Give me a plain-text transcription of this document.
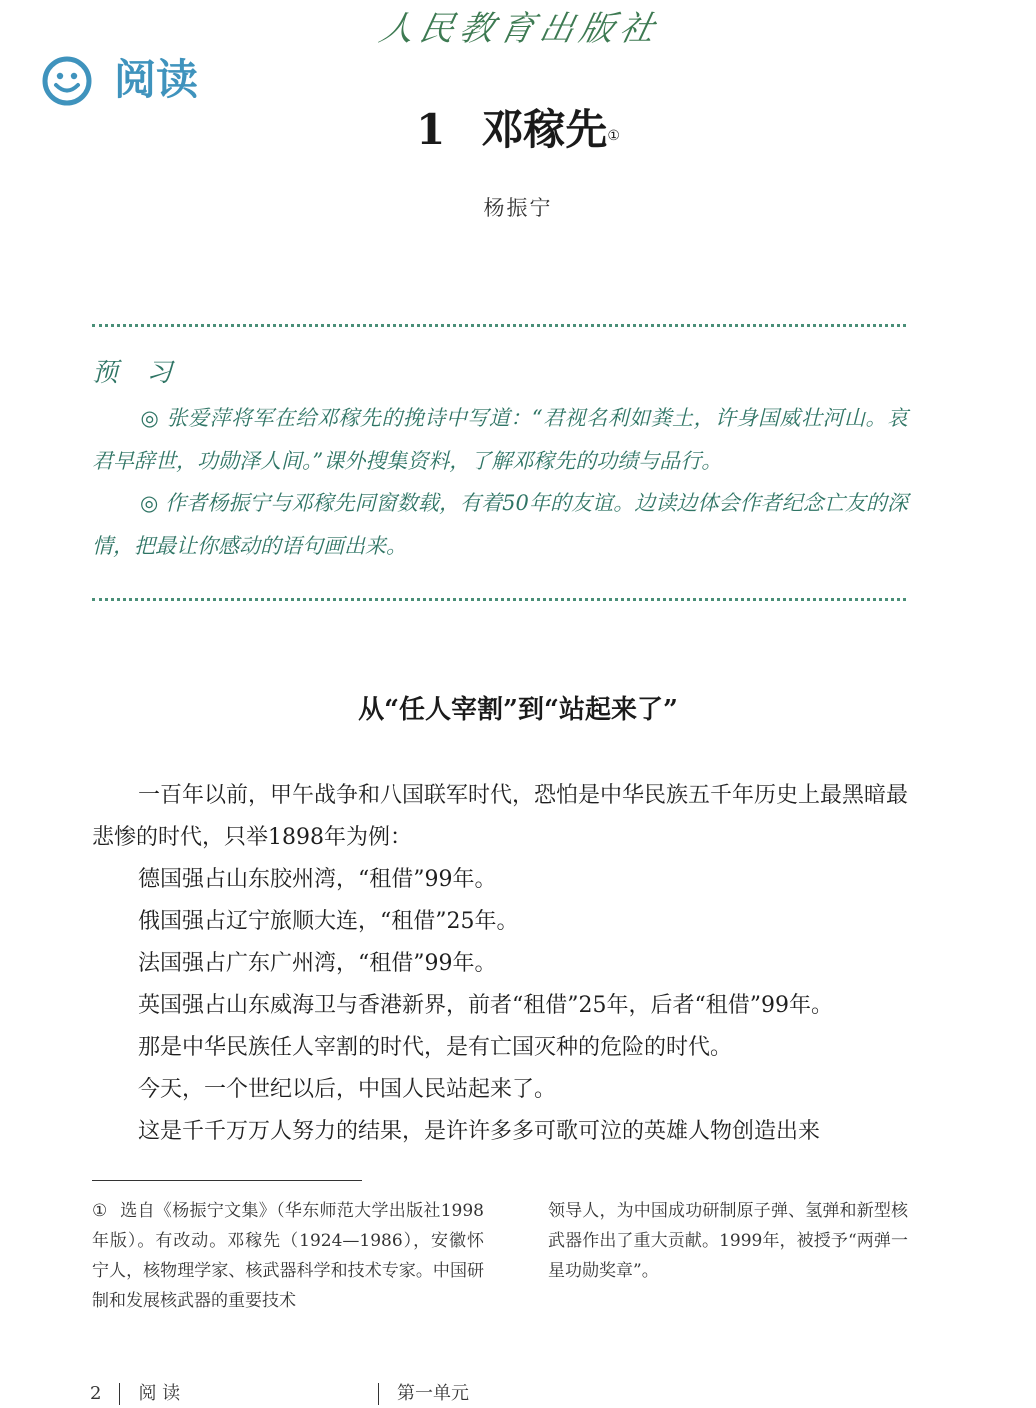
人民教育出版社
阅读
1 邓稼先①
杨振宁
预 习
◎ 张爱萍将军在给邓稼先的挽诗中写道：“君视名利如粪土，许身国威壮河山。哀君早辞世，功勋泽人间。”课外搜集资料，了解邓稼先的功绩与品行。
◎ 作者杨振宁与邓稼先同窗数载，有着50年的友谊。边读边体会作者纪念亡友的深情，把最让你感动的语句画出来。
从“任人宰割”到“站起来了”

一百年以前，甲午战争和八国联军时代，恐怕是中华民族五千年历史上最黑暗最悲惨的时代，只举1898年为例：

德国强占山东胶州湾，“租借”99年。

俄国强占辽宁旅顺大连，“租借”25年。

法国强占广东广州湾，“租借”99年。

英国强占山东威海卫与香港新界，前者“租借”25年，后者“租借”99年。

那是中华民族任人宰割的时代，是有亡国灭种的危险的时代。

今天，一个世纪以后，中国人民站起来了。

这是千千万万人努力的结果，是许许多多可歌可泣的英雄人物创造出来

① 选自《杨振宁文集》（华东师范大学出版社1998年版）。有改动。邓稼先（1924—1986），安徽怀宁人，核物理学家、核武器科学和技术专家。中国研制和发展核武器的重要技术
领导人，为中国成功研制原子弹、氢弹和新型核武器作出了重大贡献。1999年，被授予“两弹一星功勋奖章”。
2 阅 读	第一单元
